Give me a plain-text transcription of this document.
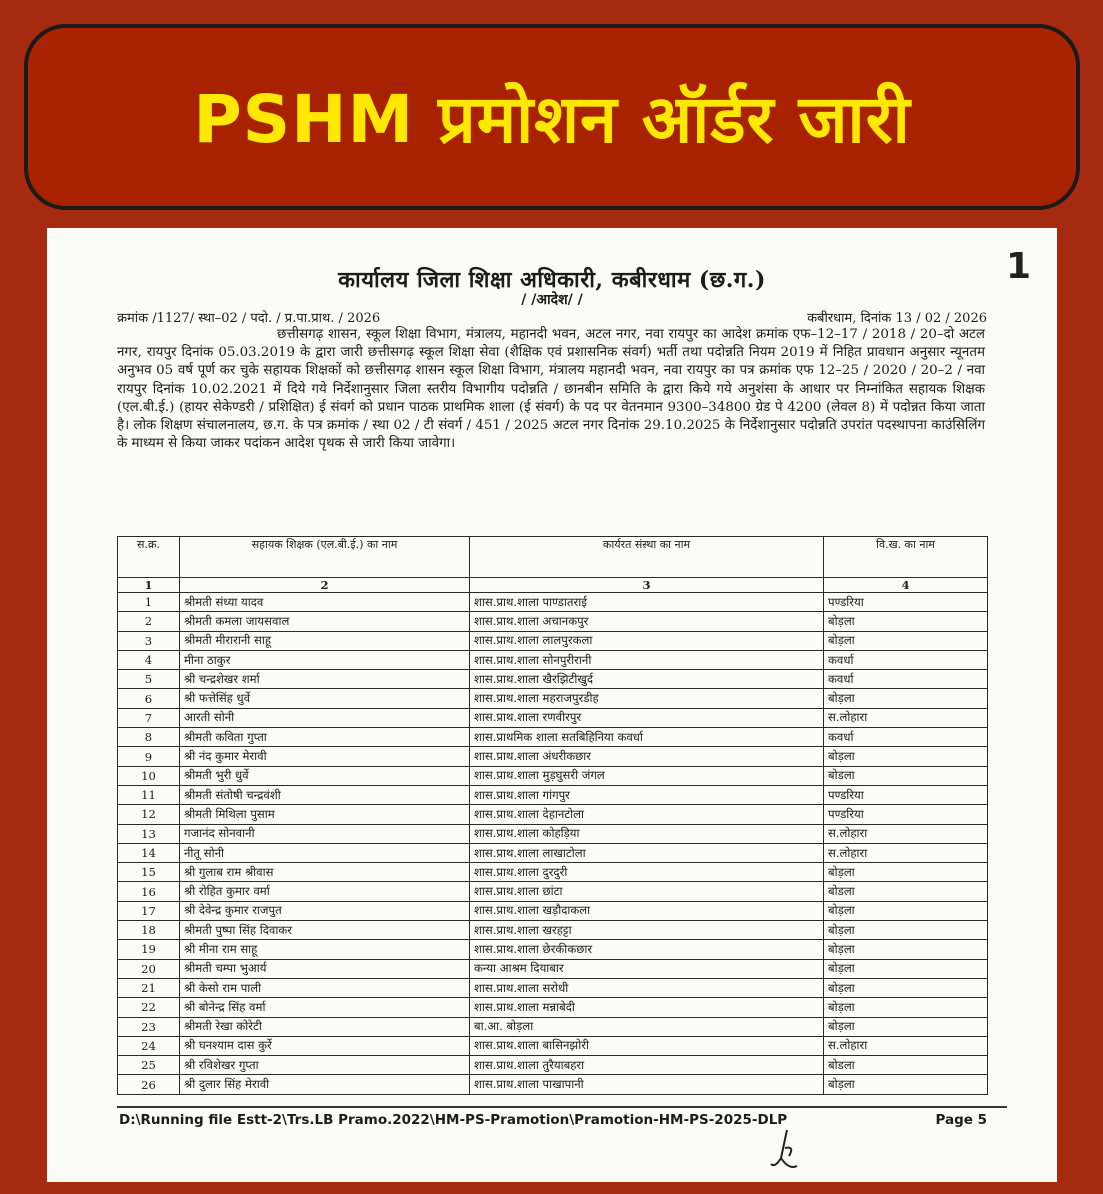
PSHM प्रमोशन ऑर्डर जारी
1
कार्यालय जिला शिक्षा अधिकारी, कबीरधाम (छ.ग.)
/ /आदेश/ /
क्रमांक /1127/ स्था–02 / पदो. / प्र.पा.प्राथ. / 2026	कबीरधाम, दिनांक 13 / 02 / 2026

छत्तीसगढ़ शासन, स्कूल शिक्षा विभाग, मंत्रालय, महानदी भवन, अटल नगर, नवा रायपुर का आदेश क्रमांक एफ–12–17 / 2018 / 20–दो अटल नगर, रायपुर दिनांक 05.03.2019 के द्वारा जारी छत्तीसगढ़ स्कूल शिक्षा सेवा (शैक्षिक एवं प्रशासनिक संवर्ग) भर्ती तथा पदोन्नति नियम 2019 में निहित प्रावधान अनुसार न्यूनतम अनुभव 05 वर्ष पूर्ण कर चुके सहायक शिक्षकों को छत्तीसगढ़ शासन स्कूल शिक्षा विभाग, मंत्रालय महानदी भवन, नवा रायपुर का पत्र क्रमांक एफ 12–25 / 2020 / 20–2 / नवा रायपुर दिनांक 10.02.2021 में दिये गये निर्देशानुसार जिला स्तरीय विभागीय पदोन्नति / छानबीन समिति के द्वारा किये गये अनुशंसा के आधार पर निम्नांकित सहायक शिक्षक (एल.बी.ई.) (हायर सेकेण्डरी / प्रशिक्षित) ई संवर्ग को प्रधान पाठक प्राथमिक शाला (ई संवर्ग) के पद पर वेतनमान 9300–34800 ग्रेड पे 4200 (लेवल 8) में पदोन्नत किया जाता है। लोक शिक्षण संचालनालय, छ.ग. के पत्र क्रमांक / स्था 02 / टी संवर्ग / 451 / 2025 अटल नगर दिनांक 29.10.2025 के निर्देशानुसार पदोन्नति उपरांत पदस्थापना काउंसिलिंग के माध्यम से किया जाकर पदांकन आदेश पृथक से जारी किया जावेगा।

स.क्र.	सहायक शिक्षक (एल.बी.ई.) का नाम	कार्यरत संस्था का नाम	वि.ख. का नाम
1	2	3	4
1	श्रीमती संध्या यादव	शास.प्राथ.शाला पाण्डातराई	पण्डरिया
2	श्रीमती कमला जायसवाल	शास.प्राथ.शाला अचानकपुर	बोड़ला
3	श्रीमती मीरारानी साहू	शास.प्राथ.शाला लालपुरकला	बोड़ला
4	मीना ठाकुर	शास.प्राथ.शाला सोनपुरीरानी	कवर्धा
5	श्री चन्द्रशेखर शर्मा	शास.प्राथ.शाला खैरझिटीखुर्द	कवर्धा
6	श्री फत्तेसिंह धुर्वे	शास.प्राथ.शाला महराजपुरडीह	बोड़ला
7	आरती सोनी	शास.प्राथ.शाला रणवीरपुर	स.लोहारा
8	श्रीमती कविता गुप्ता	शास.प्राथमिक शाला सतबिहिनिया कवर्धा	कवर्धा
9	श्री नंद कुमार मेरावी	शास.प्राथ.शाला अंधरीकछार	बोड़ला
10	श्रीमती भुरी धुर्वे	शास.प्राथ.शाला मुड़घुसरी जंगल	बोडला
11	श्रीमती संतोषी चन्द्रवंशी	शास.प्राथ.शाला गांगपुर	पण्डरिया
12	श्रीमती मिथिला पुसाम	शास.प्राथ.शाला देहानटोला	पण्डरिया
13	गजानंद सोनवानी	शास.प्राथ.शाला कोहड़िया	स.लोहारा
14	नीतू सोनी	शास.प्राथ.शाला लाखाटोला	स.लोहारा
15	श्री गुलाब राम श्रीवास	शास.प्राथ.शाला दुरदुरी	बोड़ला
16	श्री रोहित कुमार वर्मा	शास.प्राथ.शाला छांटा	बोडला
17	श्री देवेन्द्र कुमार राजपुत	शास.प्राथ.शाला खड़ौदाकला	बोड़ला
18	श्रीमती पुष्पा सिंह दिवाकर	शास.प्राथ.शाला खरहट्टा	बोड़ला
19	श्री मीना राम साहू	शास.प्राथ.शाला छेरकीकछार	बोड़ला
20	श्रीमती चम्पा भुआर्य	कन्या आश्रम दियाबार	बोड़ला
21	श्री केसो राम पाली	शास.प्राथ.शाला सरोधी	बोड़ला
22	श्री बोनेन्द्र सिंह वर्मा	शास.प्राथ.शाला मन्नाबेदी	बोड़ला
23	श्रीमती रेखा कोरेटी	बा.आ. बोड़ला	बोड़ला
24	श्री घनश्याम दास कुर्रे	शास.प्राथ.शाला बासिनझोरी	स.लोहारा
25	श्री रविशेखर गुप्ता	शास.प्राथ.शाला तुरैयाबहरा	बोडला
26	श्री दुलार सिंह मेरावी	शास.प्राथ.शाला पाखापानी	बोड़ला
D:\Running file Estt-2\Trs.LB Pramo.2022\HM-PS-Pramotion\Pramotion-HM-PS-2025-DLP	Page 5
